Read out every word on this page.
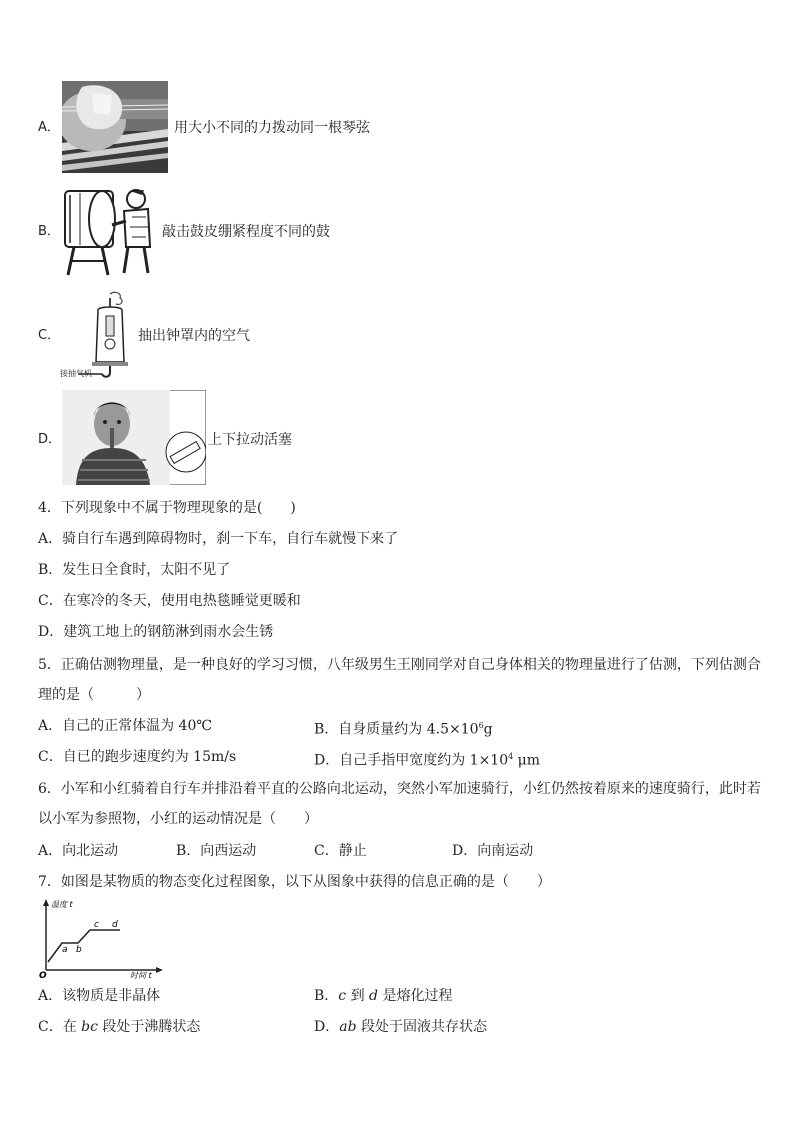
A．	用大小不同的力拨动同一根琴弦
B．	敲击鼓皮绷紧程度不同的鼓
C．
接抽气机
抽出钟罩内的空气
D．	上下拉动活塞
4．下列现象中不属于物理现象的是(　　)
A．骑自行车遇到障碍物时，刹一下车，自行车就慢下来了
B．发生日全食时，太阳不见了
C．在寒冷的冬天，使用电热毯睡觉更暖和
D．建筑工地上的钢筋淋到雨水会生锈
5．正确估测物理量，是一种良好的学习习惯，八年级男生王刚同学对自己身体相关的物理量进行了估测，下列估测合
理的是（　　　）
A．自己的正常体温为 40℃	B．自身质量约为 $4.5\times 10^6g$
C．自已的跑步速度约为 15m/s	D．自己手指甲宽度约为 $1\times 10^4$ μm
6．小军和小红骑着自行车并排沿着平直的公路向北运动，突然小军加速骑行，小红仍然按着原来的速度骑行，此时若
以小军为参照物，小红的运动情况是（　　）
A．向北运动	B．向西运动	C．静止	D．向南运动
7．如图是某物质的物态变化过程图象，以下从图象中获得的信息正确的是（　　）
温度 t
时间 t
O
a b
c d
A．该物质是非晶体	B．c 到 d 是熔化过程
C．在 bc 段处于沸腾状态	D．ab 段处于固液共存状态
